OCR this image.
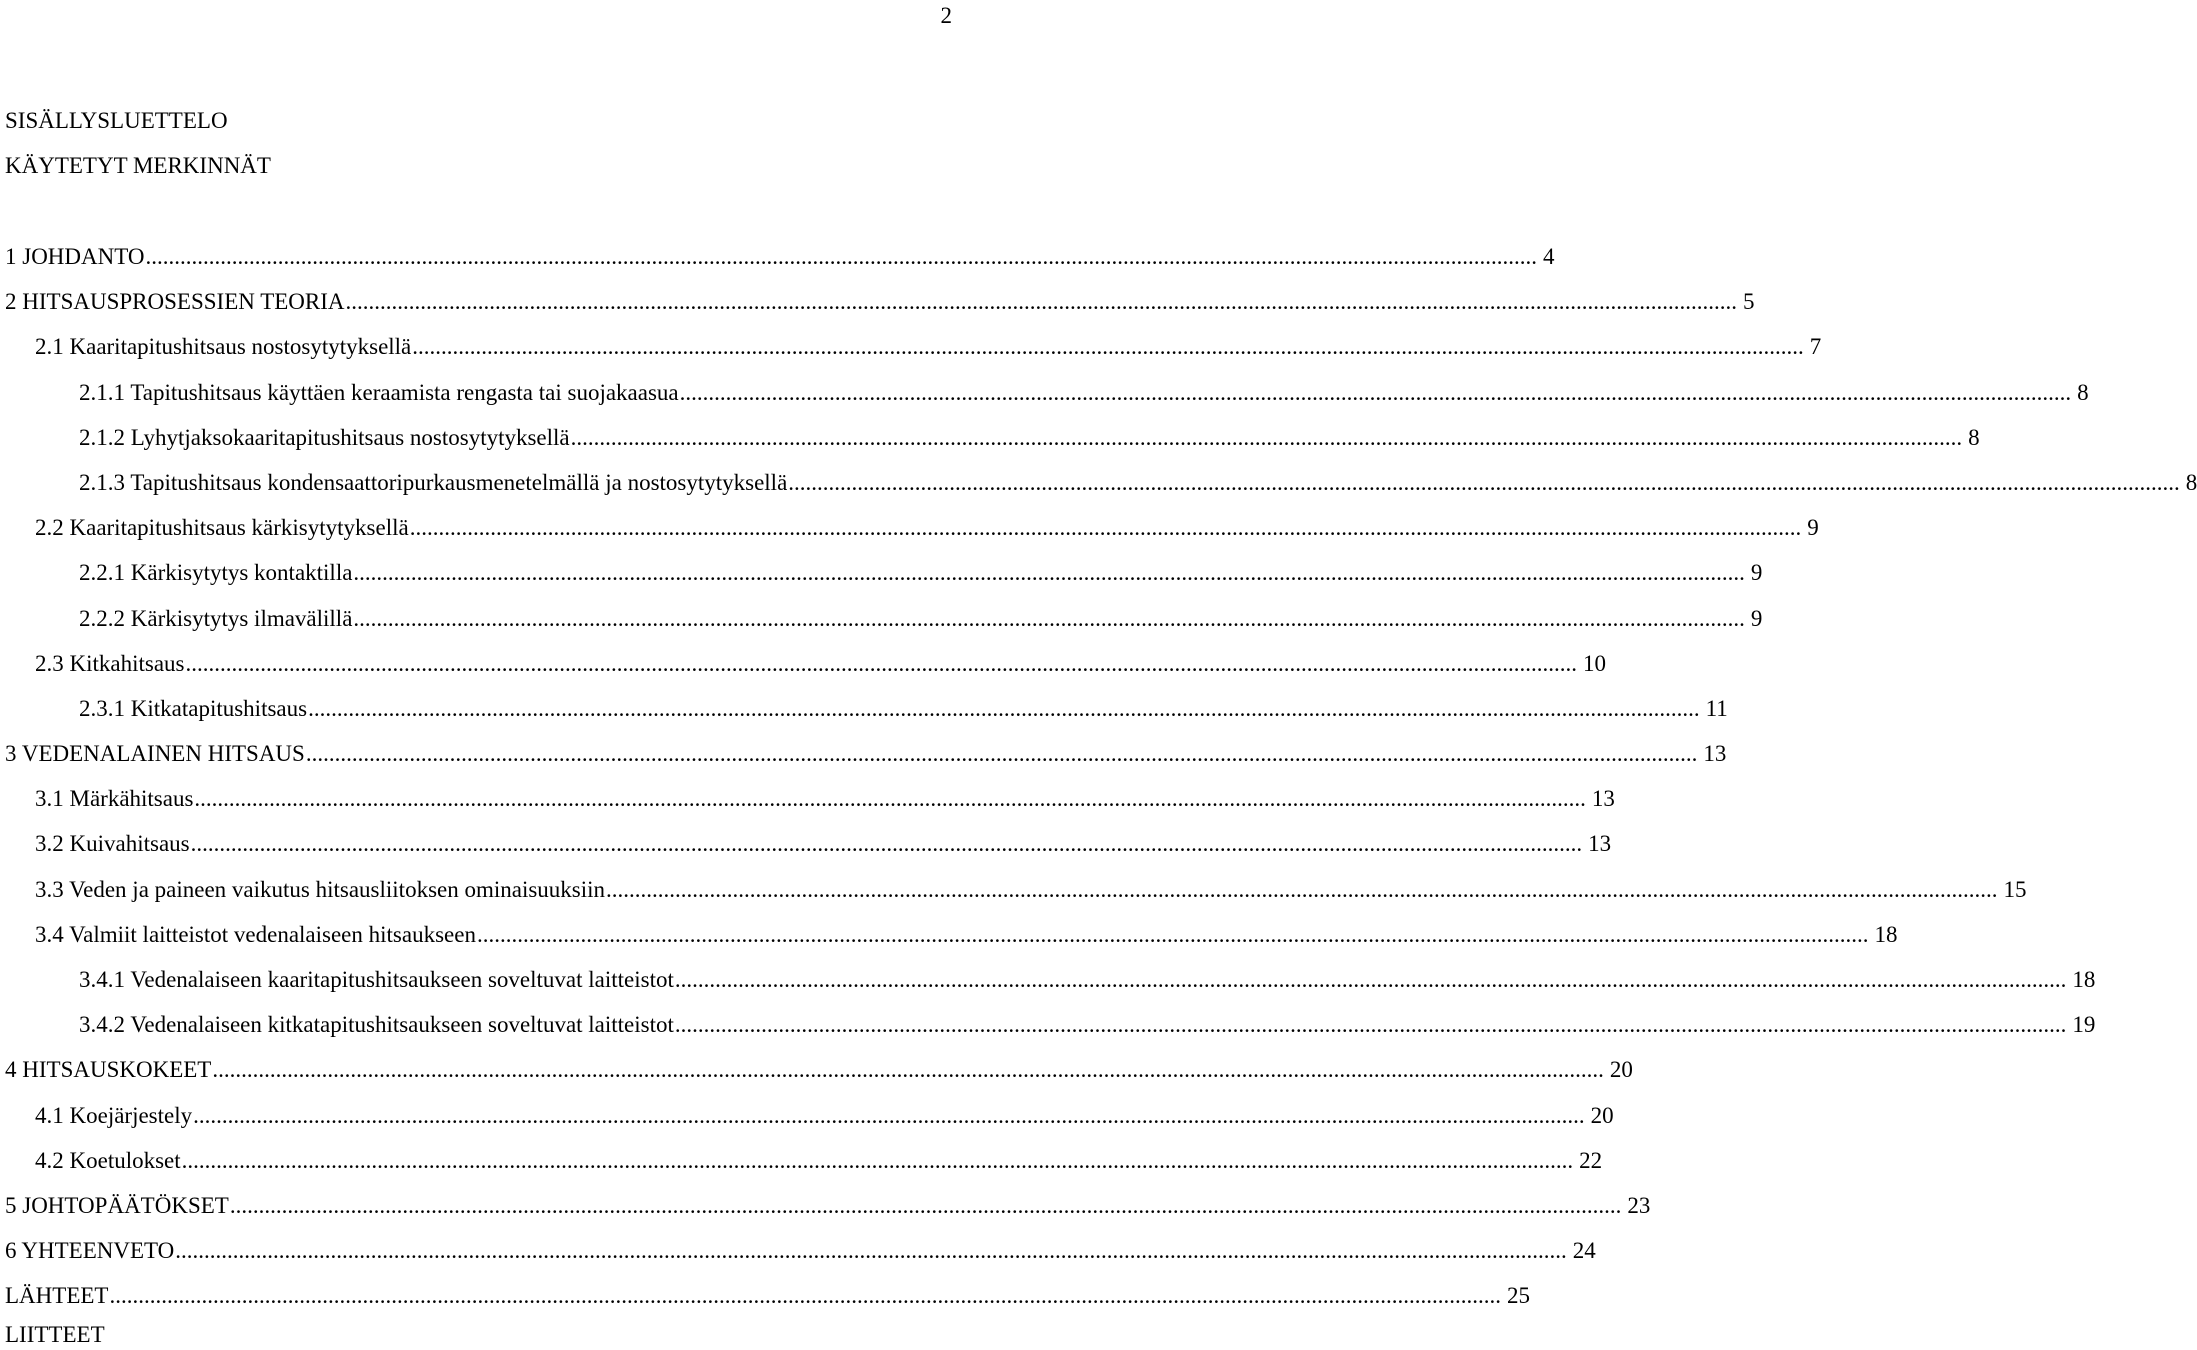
2
SISÄLLYSLUETTELO
KÄYTETYT MERKINNÄT
1 JOHDANTO .....	4
2 HITSAUSPROSESSIEN TEORIA .....	5
2.1 Kaaritapitushitsaus nostosytytyksellä .....	7
2.1.1 Tapitushitsaus käyttäen keraamista rengasta tai suojakaasua .....	8
2.1.2 Lyhytjaksokaaritapitushitsaus nostosytytyksellä .....	8
2.1.3 Tapitushitsaus kondensaattoripurkausmenetelmällä ja nostosytytyksellä .....	8
2.2 Kaaritapitushitsaus kärkisytytyksellä .....	9
2.2.1 Kärkisytytys kontaktilla .....	9
2.2.2 Kärkisytytys ilmavälillä .....	9
2.3 Kitkahitsaus .....	10
2.3.1 Kitkatapitushitsaus .....	11
3 VEDENALAINEN HITSAUS .....	13
3.1 Märkähitsaus .....	13
3.2 Kuivahitsaus .....	13
3.3 Veden ja paineen vaikutus hitsausliitoksen ominaisuuksiin .....	15
3.4 Valmiit laitteistot vedenalaiseen hitsaukseen .....	18
3.4.1 Vedenalaiseen kaaritapitushitsaukseen soveltuvat laitteistot .....	18
3.4.2 Vedenalaiseen kitkatapitushitsaukseen soveltuvat laitteistot .....	19
4 HITSAUSKOKEET .....	20
4.1 Koejärjestely .....	20
4.2 Koetulokset .....	22
5 JOHTOPÄÄTÖKSET .....	23
6 YHTEENVETO .....	24
LÄHTEET .....	25
LIITTEET
